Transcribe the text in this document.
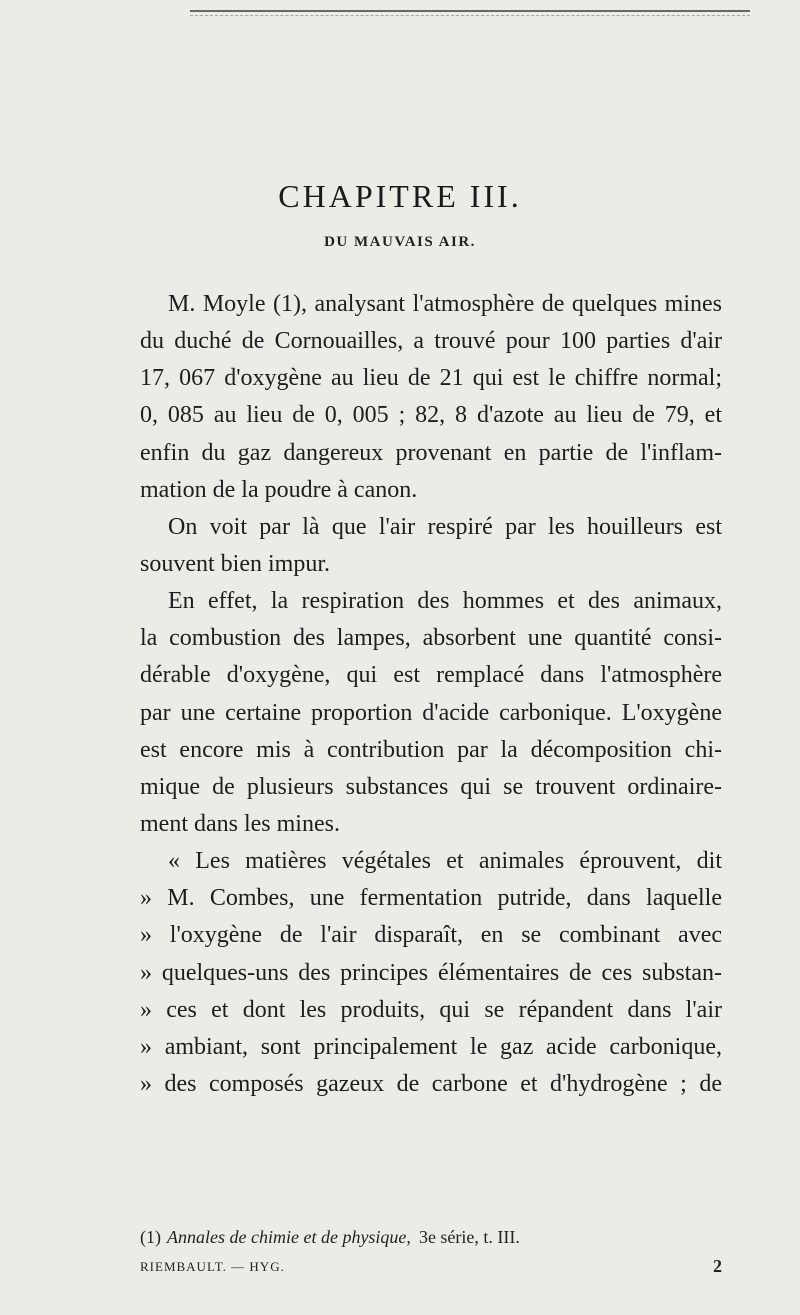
CHAPITRE III.
DU MAUVAIS AIR.
M. Moyle (1), analysant l'atmosphère de quelques mines
du duché de Cornouailles, a trouvé pour 100 parties d'air
17, 067 d'oxygène au lieu de 21 qui est le chiffre normal;
0, 085 au lieu de 0, 005 ; 82, 8 d'azote au lieu de 79, et
enfin du gaz dangereux provenant en partie de l'inflam-
mation de la poudre à canon.
On voit par là que l'air respiré par les houilleurs est
souvent bien impur.
En effet, la respiration des hommes et des animaux,
la combustion des lampes, absorbent une quantité consi-
dérable d'oxygène, qui est remplacé dans l'atmosphère
par une certaine proportion d'acide carbonique. L'oxygène
est encore mis à contribution par la décomposition chi-
mique de plusieurs substances qui se trouvent ordinaire-
ment dans les mines.
« Les matières végétales et animales éprouvent, dit
» M. Combes, une fermentation putride, dans laquelle
» l'oxygène de l'air disparaît, en se combinant avec
» quelques-uns des principes élémentaires de ces substan-
» ces et dont les produits, qui se répandent dans l'air
» ambiant, sont principalement le gaz acide carbonique,
» des composés gazeux de carbone et d'hydrogène ; de
(1) Annales de chimie et de physique, 3e série, t. III.
RIEMBAULT. — HYG.	2
